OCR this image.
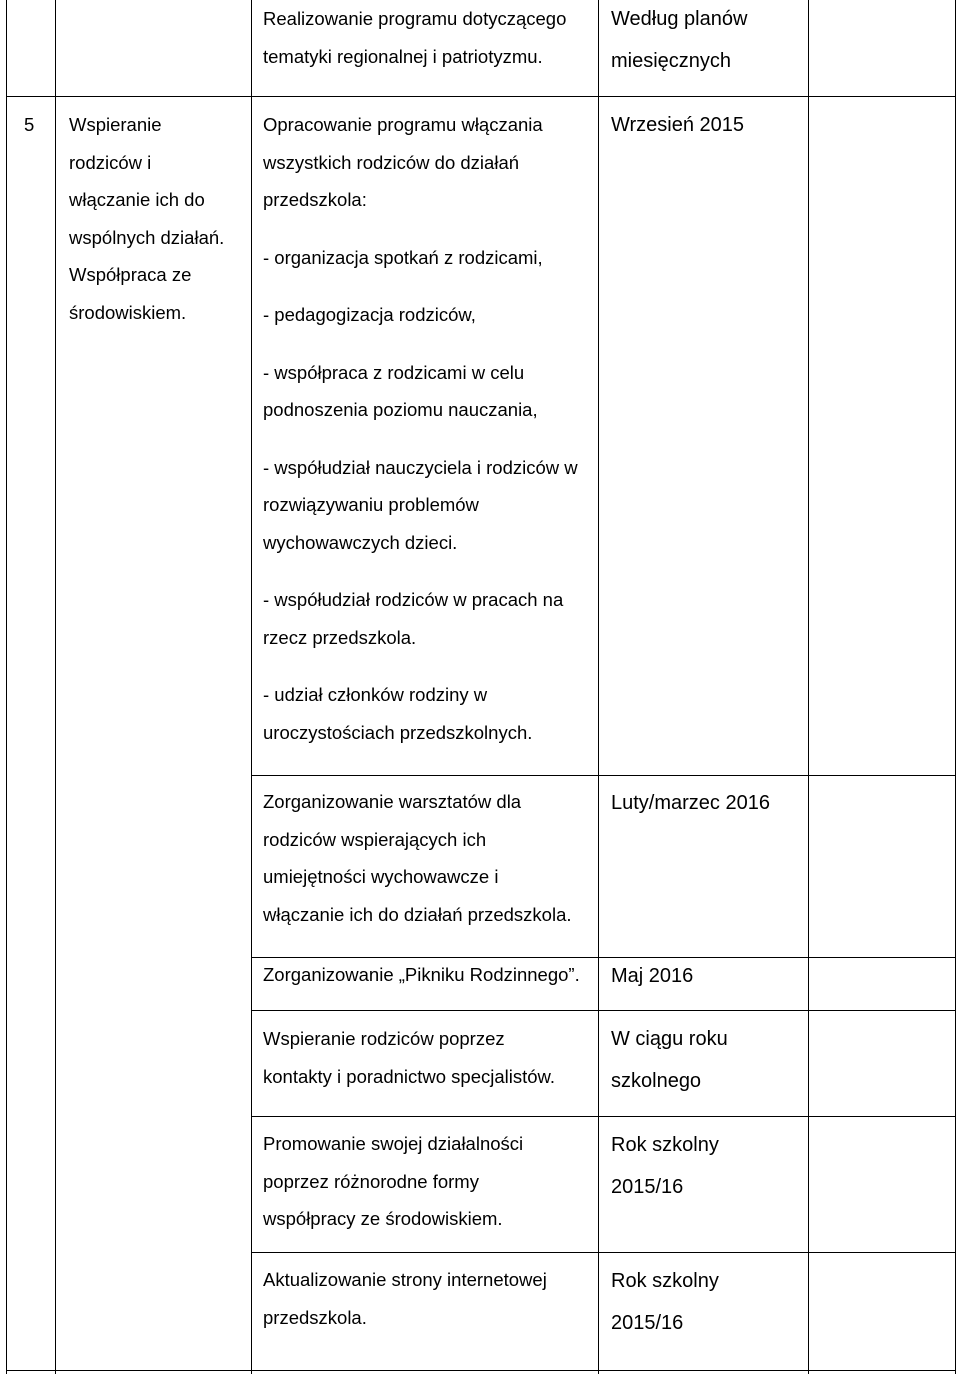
Realizowanie programu dotyczącego
tematyki regionalnej i patriotyzmu.
Według planów
miesięcznych
5 Wspieranie
rodziców i
włączanie ich do
wspólnych działań.
Współpraca ze
środowiskiem.
Opracowanie programu włączania
wszystkich rodziców do działań
przedszkola:
- organizacja spotkań z rodzicami,
- pedagogizacja rodziców,
- współpraca z rodzicami w celu
podnoszenia poziomu nauczania,
- współudział nauczyciela i rodziców w
rozwiązywaniu problemów
wychowawczych dzieci.
- współudział rodziców w pracach na
rzecz przedszkola.
- udział członków rodziny w
uroczystościach przedszkolnych.
Wrzesień 2015
Zorganizowanie warsztatów dla
rodziców wspierających ich
umiejętności wychowawcze i
włączanie ich do działań przedszkola.
Luty/marzec 2016
Zorganizowanie „Pikniku Rodzinnego”. Maj 2016
Wspieranie rodziców poprzez
kontakty i poradnictwo specjalistów.
W ciągu roku
szkolnego
Promowanie swojej działalności
poprzez różnorodne formy
współpracy ze środowiskiem.
Rok szkolny
2015/16
Aktualizowanie strony internetowej
przedszkola.
Rok szkolny
2015/16
